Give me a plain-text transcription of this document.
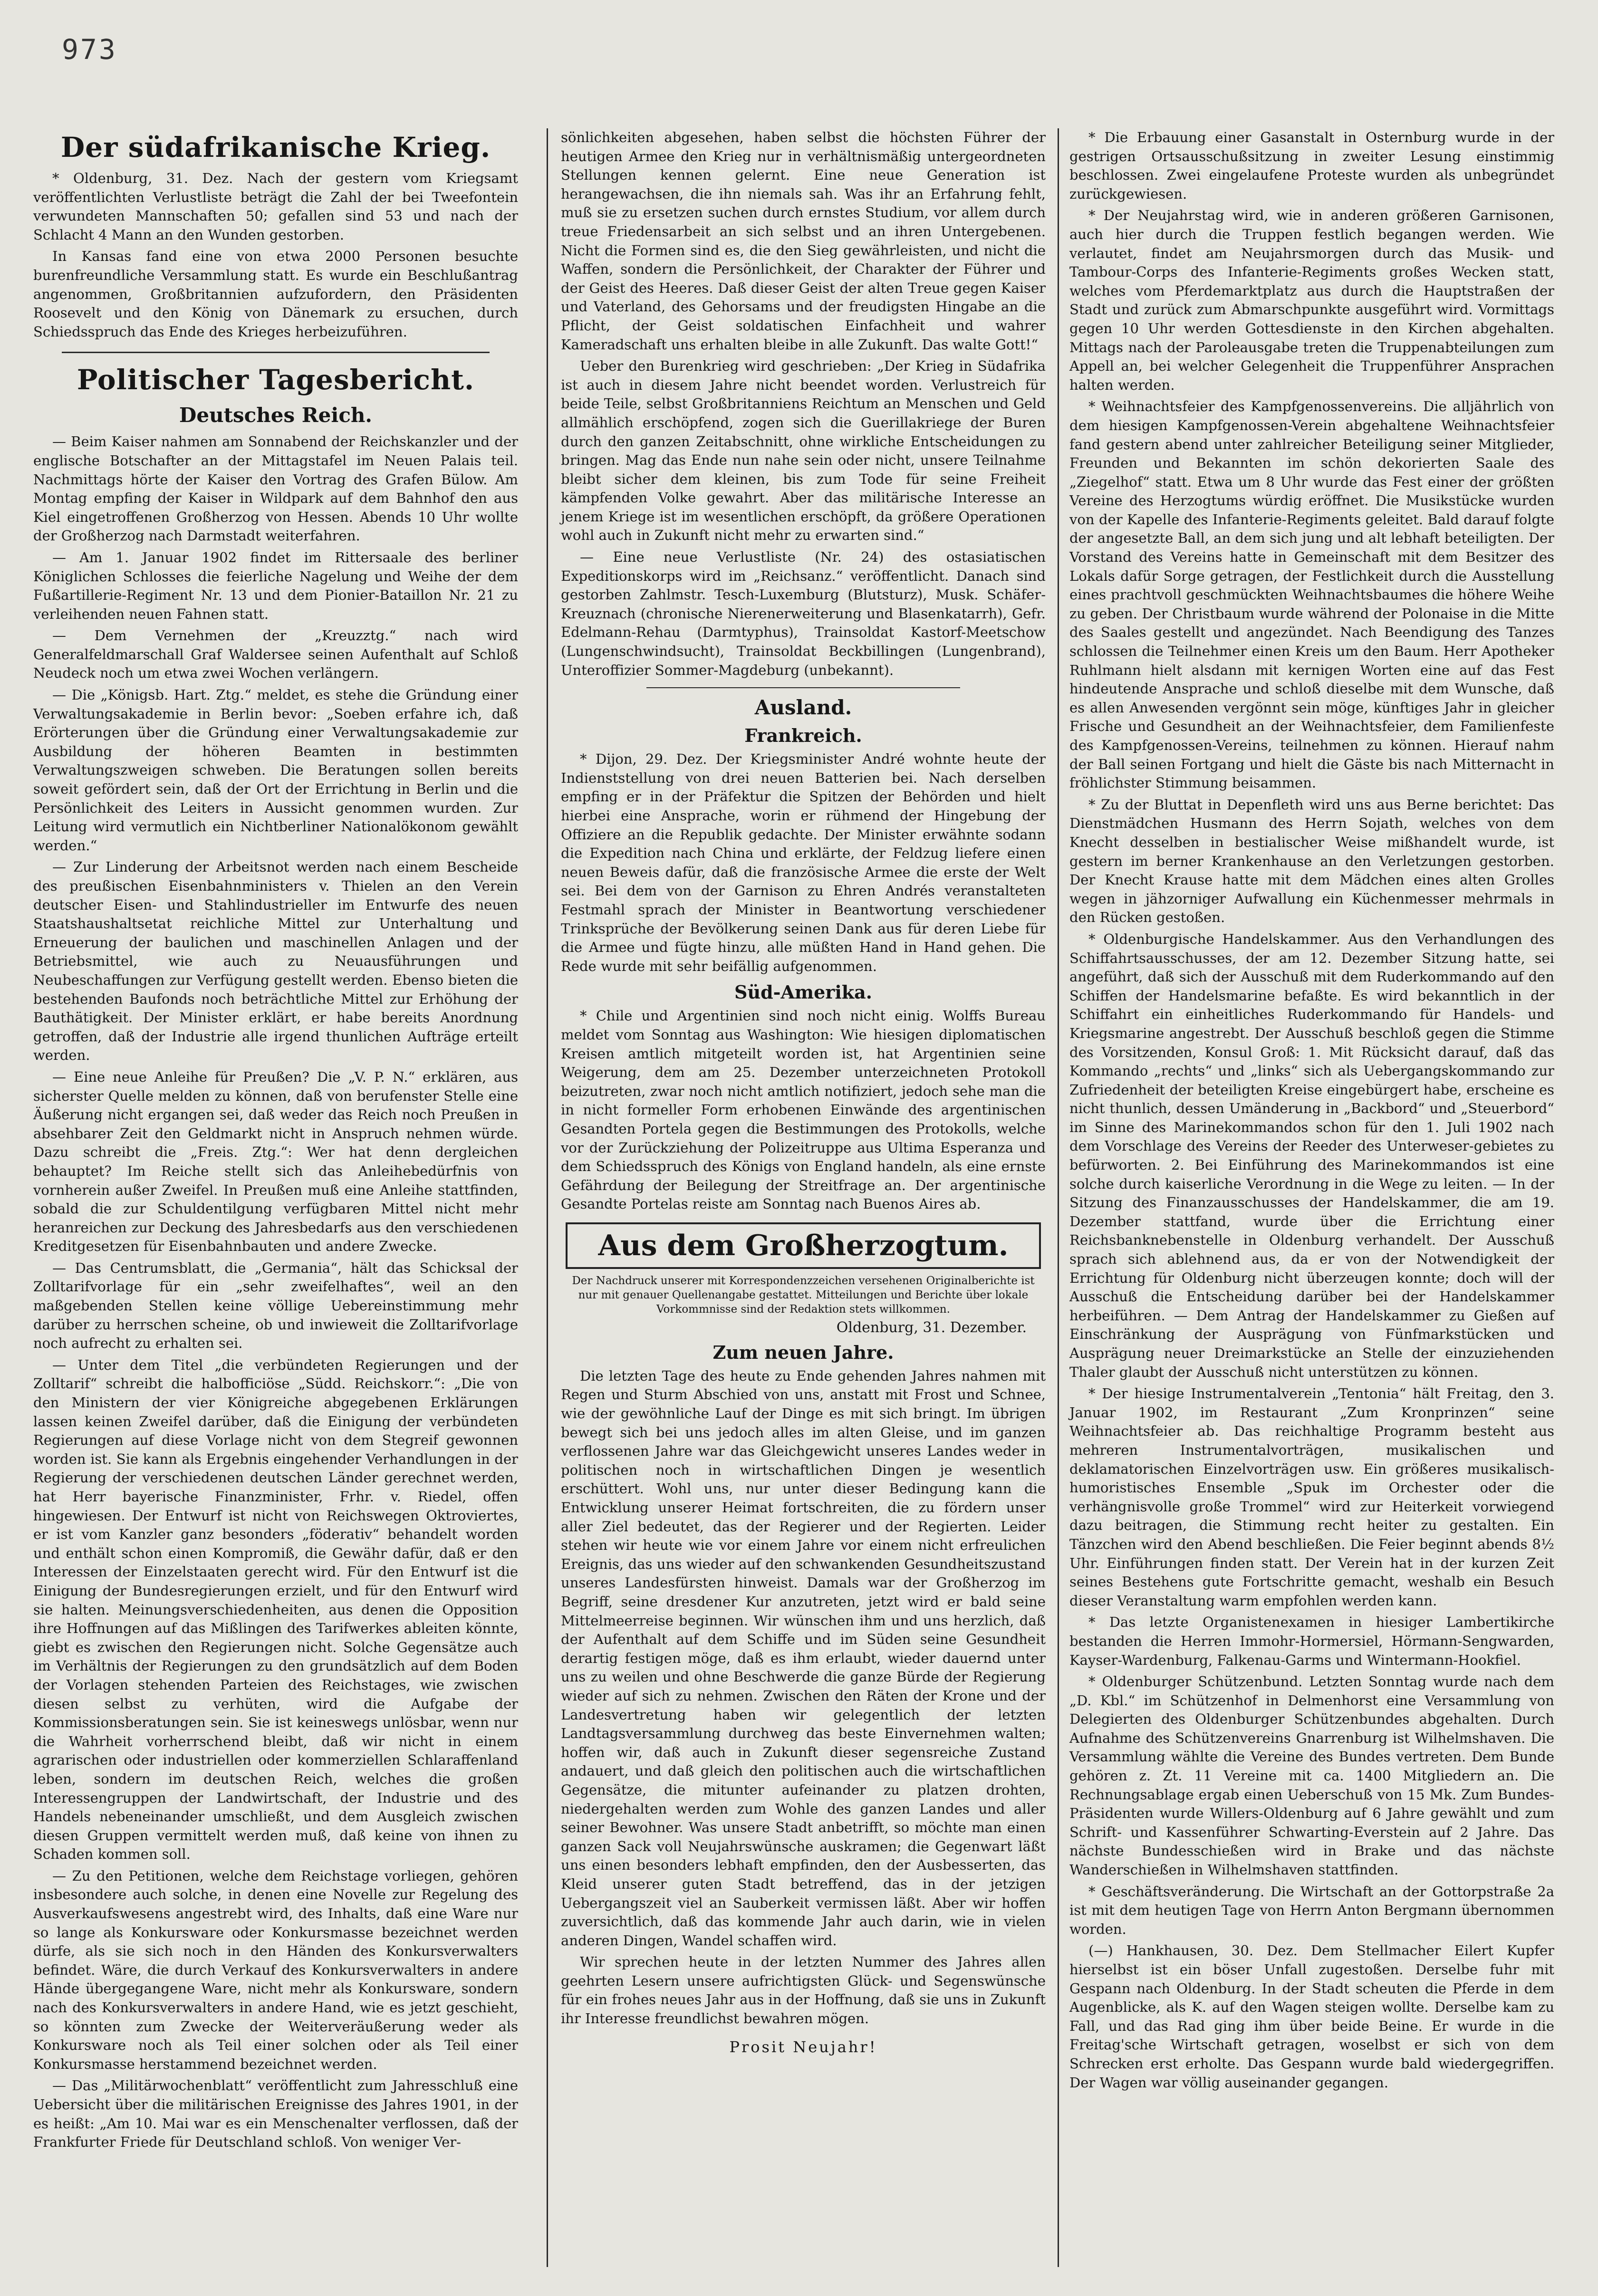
973
Der südafrikanische Krieg.

* Oldenburg, 31. Dez. Nach der gestern vom Kriegsamt veröffentlichten Verlustliste beträgt die Zahl der bei Tweefontein verwundeten Mannschaften 50; gefallen sind 53 und nach der Schlacht 4 Mann an den Wunden gestorben.

In Kansas fand eine von etwa 2000 Personen besuchte burenfreundliche Versammlung statt. Es wurde ein Beschlußantrag angenommen, Großbritannien aufzufordern, den Präsidenten Roosevelt und den König von Dänemark zu ersuchen, durch Schiedsspruch das Ende des Krieges herbeizuführen.

Politischer Tagesbericht.
Deutsches Reich.

— Beim Kaiser nahmen am Sonnabend der Reichskanzler und der englische Botschafter an der Mittagstafel im Neuen Palais teil. Nachmittags hörte der Kaiser den Vortrag des Grafen Bülow. Am Montag empfing der Kaiser in Wildpark auf dem Bahnhof den aus Kiel eingetroffenen Großherzog von Hessen. Abends 10 Uhr wollte der Großherzog nach Darmstadt weiterfahren.

— Am 1. Januar 1902 findet im Rittersaale des berliner Königlichen Schlosses die feierliche Nagelung und Weihe der dem Fußartillerie-Regiment Nr. 13 und dem Pionier-Bataillon Nr. 21 zu verleihenden neuen Fahnen statt.

— Dem Vernehmen der „Kreuzztg.“ nach wird Generalfeldmarschall Graf Waldersee seinen Aufenthalt auf Schloß Neudeck noch um etwa zwei Wochen verlängern.

— Die „Königsb. Hart. Ztg.“ meldet, es stehe die Gründung einer Verwaltungsakademie in Berlin bevor: „Soeben erfahre ich, daß Erörterungen über die Gründung einer Verwaltungsakademie zur Ausbildung der höheren Beamten in bestimmten Verwaltungszweigen schweben. Die Beratungen sollen bereits soweit gefördert sein, daß der Ort der Errichtung in Berlin und die Persönlichkeit des Leiters in Aussicht genommen wurden. Zur Leitung wird vermutlich ein Nichtberliner Nationalökonom gewählt werden.“

— Zur Linderung der Arbeitsnot werden nach einem Bescheide des preußischen Eisenbahnministers v. Thielen an den Verein deutscher Eisen- und Stahlindustrieller im Entwurfe des neuen Staatshaushaltsetat reichliche Mittel zur Unterhaltung und Erneuerung der baulichen und maschinellen Anlagen und der Betriebsmittel, wie auch zu Neuausführungen und Neubeschaffungen zur Verfügung gestellt werden. Ebenso bieten die bestehenden Baufonds noch beträchtliche Mittel zur Erhöhung der Bauthätigkeit. Der Minister erklärt, er habe bereits Anordnung getroffen, daß der Industrie alle irgend thunlichen Aufträge erteilt werden.

— Eine neue Anleihe für Preußen? Die „V. P. N.“ erklären, aus sicherster Quelle melden zu können, daß von berufenster Stelle eine Äußerung nicht ergangen sei, daß weder das Reich noch Preußen in absehbarer Zeit den Geldmarkt nicht in Anspruch nehmen würde. Dazu schreibt die „Freis. Ztg.“: Wer hat denn dergleichen behauptet? Im Reiche stellt sich das Anleihebedürfnis von vornherein außer Zweifel. In Preußen muß eine Anleihe stattfinden, sobald die zur Schuldentilgung verfügbaren Mittel nicht mehr heranreichen zur Deckung des Jahresbedarfs aus den verschiedenen Kreditgesetzen für Eisenbahnbauten und andere Zwecke.

— Das Centrumsblatt, die „Germania“, hält das Schicksal der Zolltarifvorlage für ein „sehr zweifelhaftes“, weil an den maßgebenden Stellen keine völlige Uebereinstimmung mehr darüber zu herrschen scheine, ob und inwieweit die Zolltarifvorlage noch aufrecht zu erhalten sei.

— Unter dem Titel „die verbündeten Regierungen und der Zolltarif“ schreibt die halbofficiöse „Südd. Reichskorr.“: „Die von den Ministern der vier Königreiche abgegebenen Erklärungen lassen keinen Zweifel darüber, daß die Einigung der verbündeten Regierungen auf diese Vorlage nicht von dem Stegreif gewonnen worden ist. Sie kann als Ergebnis eingehender Verhandlungen in der Regierung der verschiedenen deutschen Länder gerechnet werden, hat Herr bayerische Finanzminister, Frhr. v. Riedel, offen hingewiesen. Der Entwurf ist nicht von Reichswegen Oktroviertes, er ist vom Kanzler ganz besonders „föderativ“ behandelt worden und enthält schon einen Kompromiß, die Gewähr dafür, daß er den Interessen der Einzelstaaten gerecht wird. Für den Entwurf ist die Einigung der Bundesregierungen erzielt, und für den Entwurf wird sie halten. Meinungsverschiedenheiten, aus denen die Opposition ihre Hoffnungen auf das Mißlingen des Tarifwerkes ableiten könnte, giebt es zwischen den Regierungen nicht. Solche Gegensätze auch im Verhältnis der Regierungen zu den grundsätzlich auf dem Boden der Vorlagen stehenden Parteien des Reichstages, wie zwischen diesen selbst zu verhüten, wird die Aufgabe der Kommissionsberatungen sein. Sie ist keineswegs unlösbar, wenn nur die Wahrheit vorherrschend bleibt, daß wir nicht in einem agrarischen oder industriellen oder kommerziellen Schlaraffenland leben, sondern im deutschen Reich, welches die großen Interessengruppen der Landwirtschaft, der Industrie und des Handels nebeneinander umschließt, und dem Ausgleich zwischen diesen Gruppen vermittelt werden muß, daß keine von ihnen zu Schaden kommen soll.

— Zu den Petitionen, welche dem Reichstage vorliegen, gehören insbesondere auch solche, in denen eine Novelle zur Regelung des Ausverkaufswesens angestrebt wird, des Inhalts, daß eine Ware nur so lange als Konkursware oder Konkursmasse bezeichnet werden dürfe, als sie sich noch in den Händen des Konkursverwalters befindet. Wäre, die durch Verkauf des Konkursverwalters in andere Hände übergegangene Ware, nicht mehr als Konkursware, sondern nach des Konkursverwalters in andere Hand, wie es jetzt geschieht, so könnten zum Zwecke der Weiterveräußerung weder als Konkursware noch als Teil einer solchen oder als Teil einer Konkursmasse herstammend bezeichnet werden.

— Das „Militärwochenblatt“ veröffentlicht zum Jahresschluß eine Uebersicht über die militärischen Ereignisse des Jahres 1901, in der es heißt: „Am 10. Mai war es ein Menschenalter verflossen, daß der Frankfurter Friede für Deutschland schloß. Von weniger Ver-

sönlichkeiten abgesehen, haben selbst die höchsten Führer der heutigen Armee den Krieg nur in verhältnismäßig untergeordneten Stellungen kennen gelernt. Eine neue Generation ist herangewachsen, die ihn niemals sah. Was ihr an Erfahrung fehlt, muß sie zu ersetzen suchen durch ernstes Studium, vor allem durch treue Friedensarbeit an sich selbst und an ihren Untergebenen. Nicht die Formen sind es, die den Sieg gewährleisten, und nicht die Waffen, sondern die Persönlichkeit, der Charakter der Führer und der Geist des Heeres. Daß dieser Geist der alten Treue gegen Kaiser und Vaterland, des Gehorsams und der freudigsten Hingabe an die Pflicht, der Geist soldatischen Einfachheit und wahrer Kameradschaft uns erhalten bleibe in alle Zukunft. Das walte Gott!“

Ueber den Burenkrieg wird geschrieben: „Der Krieg in Südafrika ist auch in diesem Jahre nicht beendet worden. Verlustreich für beide Teile, selbst Großbritanniens Reichtum an Menschen und Geld allmählich erschöpfend, zogen sich die Guerillakriege der Buren durch den ganzen Zeitabschnitt, ohne wirkliche Entscheidungen zu bringen. Mag das Ende nun nahe sein oder nicht, unsere Teilnahme bleibt sicher dem kleinen, bis zum Tode für seine Freiheit kämpfenden Volke gewahrt. Aber das militärische Interesse an jenem Kriege ist im wesentlichen erschöpft, da größere Operationen wohl auch in Zukunft nicht mehr zu erwarten sind.“

— Eine neue Verlustliste (Nr. 24) des ostasiatischen Expeditionskorps wird im „Reichsanz.“ veröffentlicht. Danach sind gestorben Zahlmstr. Tesch-Luxemburg (Blutsturz), Musk. Schäfer-Kreuznach (chronische Nierenerweiterung und Blasenkatarrh), Gefr. Edelmann-Rehau (Darmtyphus), Trainsoldat Kastorf-Meetschow (Lungenschwindsucht), Trainsoldat Beckbillingen (Lungenbrand), Unteroffizier Sommer-Magdeburg (unbekannt).

Ausland.
Frankreich.

* Dijon, 29. Dez. Der Kriegsminister André wohnte heute der Indienststellung von drei neuen Batterien bei. Nach derselben empfing er in der Präfektur die Spitzen der Behörden und hielt hierbei eine Ansprache, worin er rühmend der Hingebung der Offiziere an die Republik gedachte. Der Minister erwähnte sodann die Expedition nach China und erklärte, der Feldzug liefere einen neuen Beweis dafür, daß die französische Armee die erste der Welt sei. Bei dem von der Garnison zu Ehren Andrés veranstalteten Festmahl sprach der Minister in Beantwortung verschiedener Trinksprüche der Bevölkerung seinen Dank aus für deren Liebe für die Armee und fügte hinzu, alle müßten Hand in Hand gehen. Die Rede wurde mit sehr beifällig aufgenommen.

Süd-Amerika.

* Chile und Argentinien sind noch nicht einig. Wolffs Bureau meldet vom Sonntag aus Washington: Wie hiesigen diplomatischen Kreisen amtlich mitgeteilt worden ist, hat Argentinien seine Weigerung, dem am 25. Dezember unterzeichneten Protokoll beizutreten, zwar noch nicht amtlich notifiziert, jedoch sehe man die in nicht formeller Form erhobenen Einwände des argentinischen Gesandten Portela gegen die Bestimmungen des Protokolls, welche vor der Zurückziehung der Polizeitruppe aus Ultima Esperanza und dem Schiedsspruch des Königs von England handeln, als eine ernste Gefährdung der Beilegung der Streitfrage an. Der argentinische Gesandte Portelas reiste am Sonntag nach Buenos Aires ab.

Aus dem Großherzogtum.
Der Nachdruck unserer mit Korrespondenzzeichen versehenen Originalberichte ist nur mit genauer Quellenangabe gestattet. Mitteilungen und Berichte über lokale Vorkommnisse sind der Redaktion stets willkommen.
Oldenburg, 31. Dezember.
Zum neuen Jahre.

Die letzten Tage des heute zu Ende gehenden Jahres nahmen mit Regen und Sturm Abschied von uns, anstatt mit Frost und Schnee, wie der gewöhnliche Lauf der Dinge es mit sich bringt. Im übrigen bewegt sich bei uns jedoch alles im alten Gleise, und im ganzen verflossenen Jahre war das Gleichgewicht unseres Landes weder in politischen noch in wirtschaftlichen Dingen je wesentlich erschüttert. Wohl uns, nur unter dieser Bedingung kann die Entwicklung unserer Heimat fortschreiten, die zu fördern unser aller Ziel bedeutet, das der Regierer und der Regierten. Leider stehen wir heute wie vor einem Jahre vor einem nicht erfreulichen Ereignis, das uns wieder auf den schwankenden Gesundheitszustand unseres Landesfürsten hinweist. Damals war der Großherzog im Begriff, seine dresdener Kur anzutreten, jetzt wird er bald seine Mittelmeerreise beginnen. Wir wünschen ihm und uns herzlich, daß der Aufenthalt auf dem Schiffe und im Süden seine Gesundheit derartig festigen möge, daß es ihm erlaubt, wieder dauernd unter uns zu weilen und ohne Beschwerde die ganze Bürde der Regierung wieder auf sich zu nehmen. Zwischen den Räten der Krone und der Landesvertretung haben wir gelegentlich der letzten Landtagsversammlung durchweg das beste Einvernehmen walten; hoffen wir, daß auch in Zukunft dieser segensreiche Zustand andauert, und daß gleich den politischen auch die wirtschaftlichen Gegensätze, die mitunter aufeinander zu platzen drohten, niedergehalten werden zum Wohle des ganzen Landes und aller seiner Bewohner. Was unsere Stadt anbetrifft, so möchte man einen ganzen Sack voll Neujahrswünsche auskramen; die Gegenwart läßt uns einen besonders lebhaft empfinden, den der Ausbesserten, das Kleid unserer guten Stadt betreffend, das in der jetzigen Uebergangszeit viel an Sauberkeit vermissen läßt. Aber wir hoffen zuversichtlich, daß das kommende Jahr auch darin, wie in vielen anderen Dingen, Wandel schaffen wird.

Wir sprechen heute in der letzten Nummer des Jahres allen geehrten Lesern unsere aufrichtigsten Glück- und Segenswünsche für ein frohes neues Jahr aus in der Hoffnung, daß sie uns in Zukunft ihr Interesse freundlichst bewahren mögen.

Prosit Neujahr!

* Die Erbauung einer Gasanstalt in Osternburg wurde in der gestrigen Ortsausschußsitzung in zweiter Lesung einstimmig beschlossen. Zwei eingelaufene Proteste wurden als unbegründet zurückgewiesen.

* Der Neujahrstag wird, wie in anderen größeren Garnisonen, auch hier durch die Truppen festlich begangen werden. Wie verlautet, findet am Neujahrsmorgen durch das Musik- und Tambour-Corps des Infanterie-Regiments großes Wecken statt, welches vom Pferdemarktplatz aus durch die Hauptstraßen der Stadt und zurück zum Abmarschpunkte ausgeführt wird. Vormittags gegen 10 Uhr werden Gottesdienste in den Kirchen abgehalten. Mittags nach der Paroleausgabe treten die Truppenabteilungen zum Appell an, bei welcher Gelegenheit die Truppenführer Ansprachen halten werden.

* Weihnachtsfeier des Kampfgenossenvereins. Die alljährlich von dem hiesigen Kampfgenossen-Verein abgehaltene Weihnachtsfeier fand gestern abend unter zahlreicher Beteiligung seiner Mitglieder, Freunden und Bekannten im schön dekorierten Saale des „Ziegelhof“ statt. Etwa um 8 Uhr wurde das Fest einer der größten Vereine des Herzogtums würdig eröffnet. Die Musikstücke wurden von der Kapelle des Infanterie-Regiments geleitet. Bald darauf folgte der angesetzte Ball, an dem sich jung und alt lebhaft beteiligten. Der Vorstand des Vereins hatte in Gemeinschaft mit dem Besitzer des Lokals dafür Sorge getragen, der Festlichkeit durch die Ausstellung eines prachtvoll geschmückten Weihnachtsbaumes die höhere Weihe zu geben. Der Christbaum wurde während der Polonaise in die Mitte des Saales gestellt und angezündet. Nach Beendigung des Tanzes schlossen die Teilnehmer einen Kreis um den Baum. Herr Apotheker Ruhlmann hielt alsdann mit kernigen Worten eine auf das Fest hindeutende Ansprache und schloß dieselbe mit dem Wunsche, daß es allen Anwesenden vergönnt sein möge, künftiges Jahr in gleicher Frische und Gesundheit an der Weihnachtsfeier, dem Familienfeste des Kampfgenossen-Vereins, teilnehmen zu können. Hierauf nahm der Ball seinen Fortgang und hielt die Gäste bis nach Mitternacht in fröhlichster Stimmung beisammen.

* Zu der Bluttat in Depenfleth wird uns aus Berne berichtet: Das Dienstmädchen Husmann des Herrn Sojath, welches von dem Knecht desselben in bestialischer Weise mißhandelt wurde, ist gestern im berner Krankenhause an den Verletzungen gestorben. Der Knecht Krause hatte mit dem Mädchen eines alten Grolles wegen in jähzorniger Aufwallung ein Küchenmesser mehrmals in den Rücken gestoßen.

* Oldenburgische Handelskammer. Aus den Verhandlungen des Schiffahrtsausschusses, der am 12. Dezember Sitzung hatte, sei angeführt, daß sich der Ausschuß mit dem Ruderkommando auf den Schiffen der Handelsmarine befaßte. Es wird bekanntlich in der Schiffahrt ein einheitliches Ruderkommando für Handels- und Kriegsmarine angestrebt. Der Ausschuß beschloß gegen die Stimme des Vorsitzenden, Konsul Groß: 1. Mit Rücksicht darauf, daß das Kommando „rechts“ und „links“ sich als Uebergangskommando zur Zufriedenheit der beteiligten Kreise eingebürgert habe, erscheine es nicht thunlich, dessen Umänderung in „Backbord“ und „Steuerbord“ im Sinne des Marinekommandos schon für den 1. Juli 1902 nach dem Vorschlage des Vereins der Reeder des Unterweser-gebietes zu befürworten. 2. Bei Einführung des Marinekommandos ist eine solche durch kaiserliche Verordnung in die Wege zu leiten. — In der Sitzung des Finanzausschusses der Handelskammer, die am 19. Dezember stattfand, wurde über die Errichtung einer Reichsbanknebenstelle in Oldenburg verhandelt. Der Ausschuß sprach sich ablehnend aus, da er von der Notwendigkeit der Errichtung für Oldenburg nicht überzeugen konnte; doch will der Ausschuß die Entscheidung darüber bei der Handelskammer herbeiführen. — Dem Antrag der Handelskammer zu Gießen auf Einschränkung der Ausprägung von Fünfmarkstücken und Ausprägung neuer Dreimarkstücke an Stelle der einzuziehenden Thaler glaubt der Ausschuß nicht unterstützen zu können.

* Der hiesige Instrumentalverein „Tentonia“ hält Freitag, den 3. Januar 1902, im Restaurant „Zum Kronprinzen“ seine Weihnachtsfeier ab. Das reichhaltige Programm besteht aus mehreren Instrumentalvorträgen, musikalischen und deklamatorischen Einzelvorträgen usw. Ein größeres musikalisch-humoristisches Ensemble „Spuk im Orchester oder die verhängnisvolle große Trommel“ wird zur Heiterkeit vorwiegend dazu beitragen, die Stimmung recht heiter zu gestalten. Ein Tänzchen wird den Abend beschließen. Die Feier beginnt abends 8½ Uhr. Einführungen finden statt. Der Verein hat in der kurzen Zeit seines Bestehens gute Fortschritte gemacht, weshalb ein Besuch dieser Veranstaltung warm empfohlen werden kann.

* Das letzte Organistenexamen in hiesiger Lambertikirche bestanden die Herren Immohr-Hormersiel, Hörmann-Sengwarden, Kayser-Wardenburg, Falkenau-Garms und Wintermann-Hookfiel.

* Oldenburger Schützenbund. Letzten Sonntag wurde nach dem „D. Kbl.“ im Schützenhof in Delmenhorst eine Versammlung von Delegierten des Oldenburger Schützenbundes abgehalten. Durch Aufnahme des Schützenvereins Gnarrenburg ist Wilhelmshaven. Die Versammlung wählte die Vereine des Bundes vertreten. Dem Bunde gehören z. Zt. 11 Vereine mit ca. 1400 Mitgliedern an. Die Rechnungsablage ergab einen Ueberschuß von 15 Mk. Zum Bundes-Präsidenten wurde Willers-Oldenburg auf 6 Jahre gewählt und zum Schrift- und Kassenführer Schwarting-Everstein auf 2 Jahre. Das nächste Bundesschießen wird in Brake und das nächste Wanderschießen in Wilhelmshaven stattfinden.

* Geschäftsveränderung. Die Wirtschaft an der Gottorpstraße 2a ist mit dem heutigen Tage von Herrn Anton Bergmann übernommen worden.

(—) Hankhausen, 30. Dez. Dem Stellmacher Eilert Kupfer hierselbst ist ein böser Unfall zugestoßen. Derselbe fuhr mit Gespann nach Oldenburg. In der Stadt scheuten die Pferde in dem Augenblicke, als K. auf den Wagen steigen wollte. Derselbe kam zu Fall, und das Rad ging ihm über beide Beine. Er wurde in die Freitag'sche Wirtschaft getragen, woselbst er sich von dem Schrecken erst erholte. Das Gespann wurde bald wiedergegriffen. Der Wagen war völlig auseinander gegangen.
